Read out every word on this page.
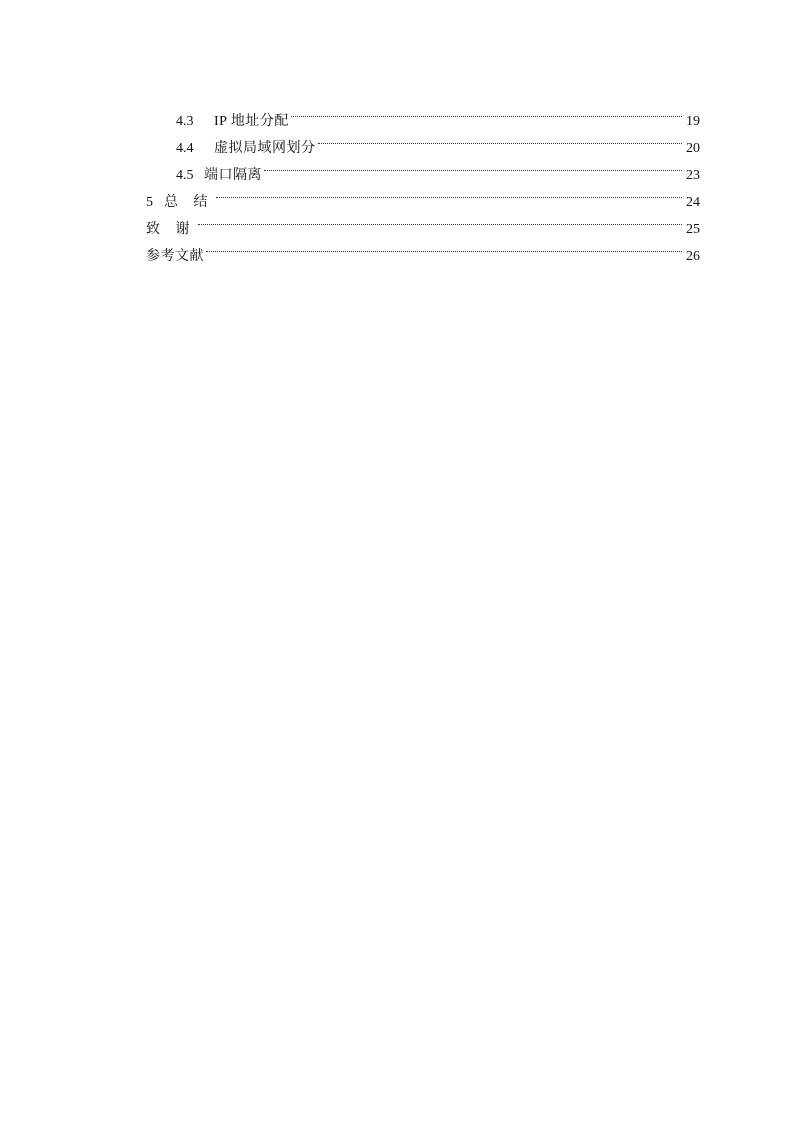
4.3	IP 地址分配	19
4.4	虚拟局域网划分	20
4.5 端口隔离	23
5 总 结	24
致 谢	25
参考文献	26
